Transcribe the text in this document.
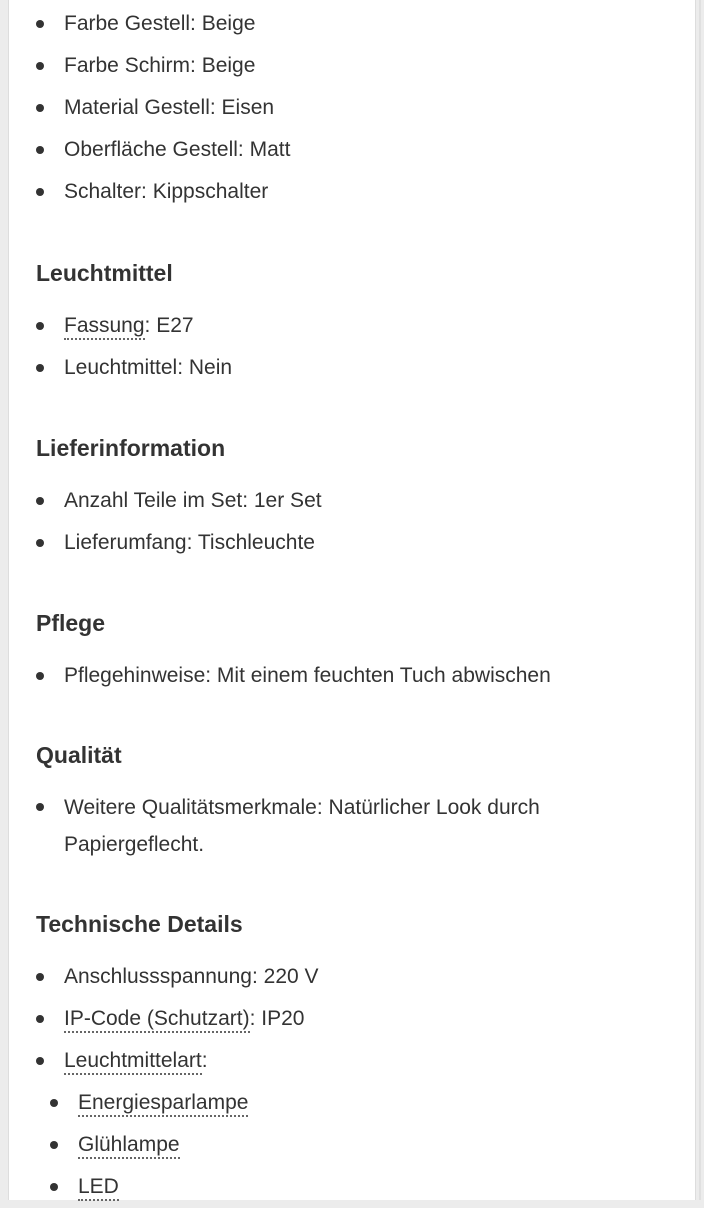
Farbe Gestell: Beige
Farbe Schirm: Beige
Material Gestell: Eisen
Oberfläche Gestell: Matt
Schalter: Kippschalter
Leuchtmittel
Fassung: E27
Leuchtmittel: Nein
Lieferinformation
Anzahl Teile im Set: 1er Set
Lieferumfang: Tischleuchte
Pflege
Pflegehinweise: Mit einem feuchten Tuch abwischen
Qualität
Weitere Qualitätsmerkmale: Natürlicher Look durch Papiergeflecht.
Technische Details
Anschlussspannung: 220 V
IP-Code (Schutzart): IP20
Leuchtmittelart:
Energiesparlampe
Glühlampe
LED
